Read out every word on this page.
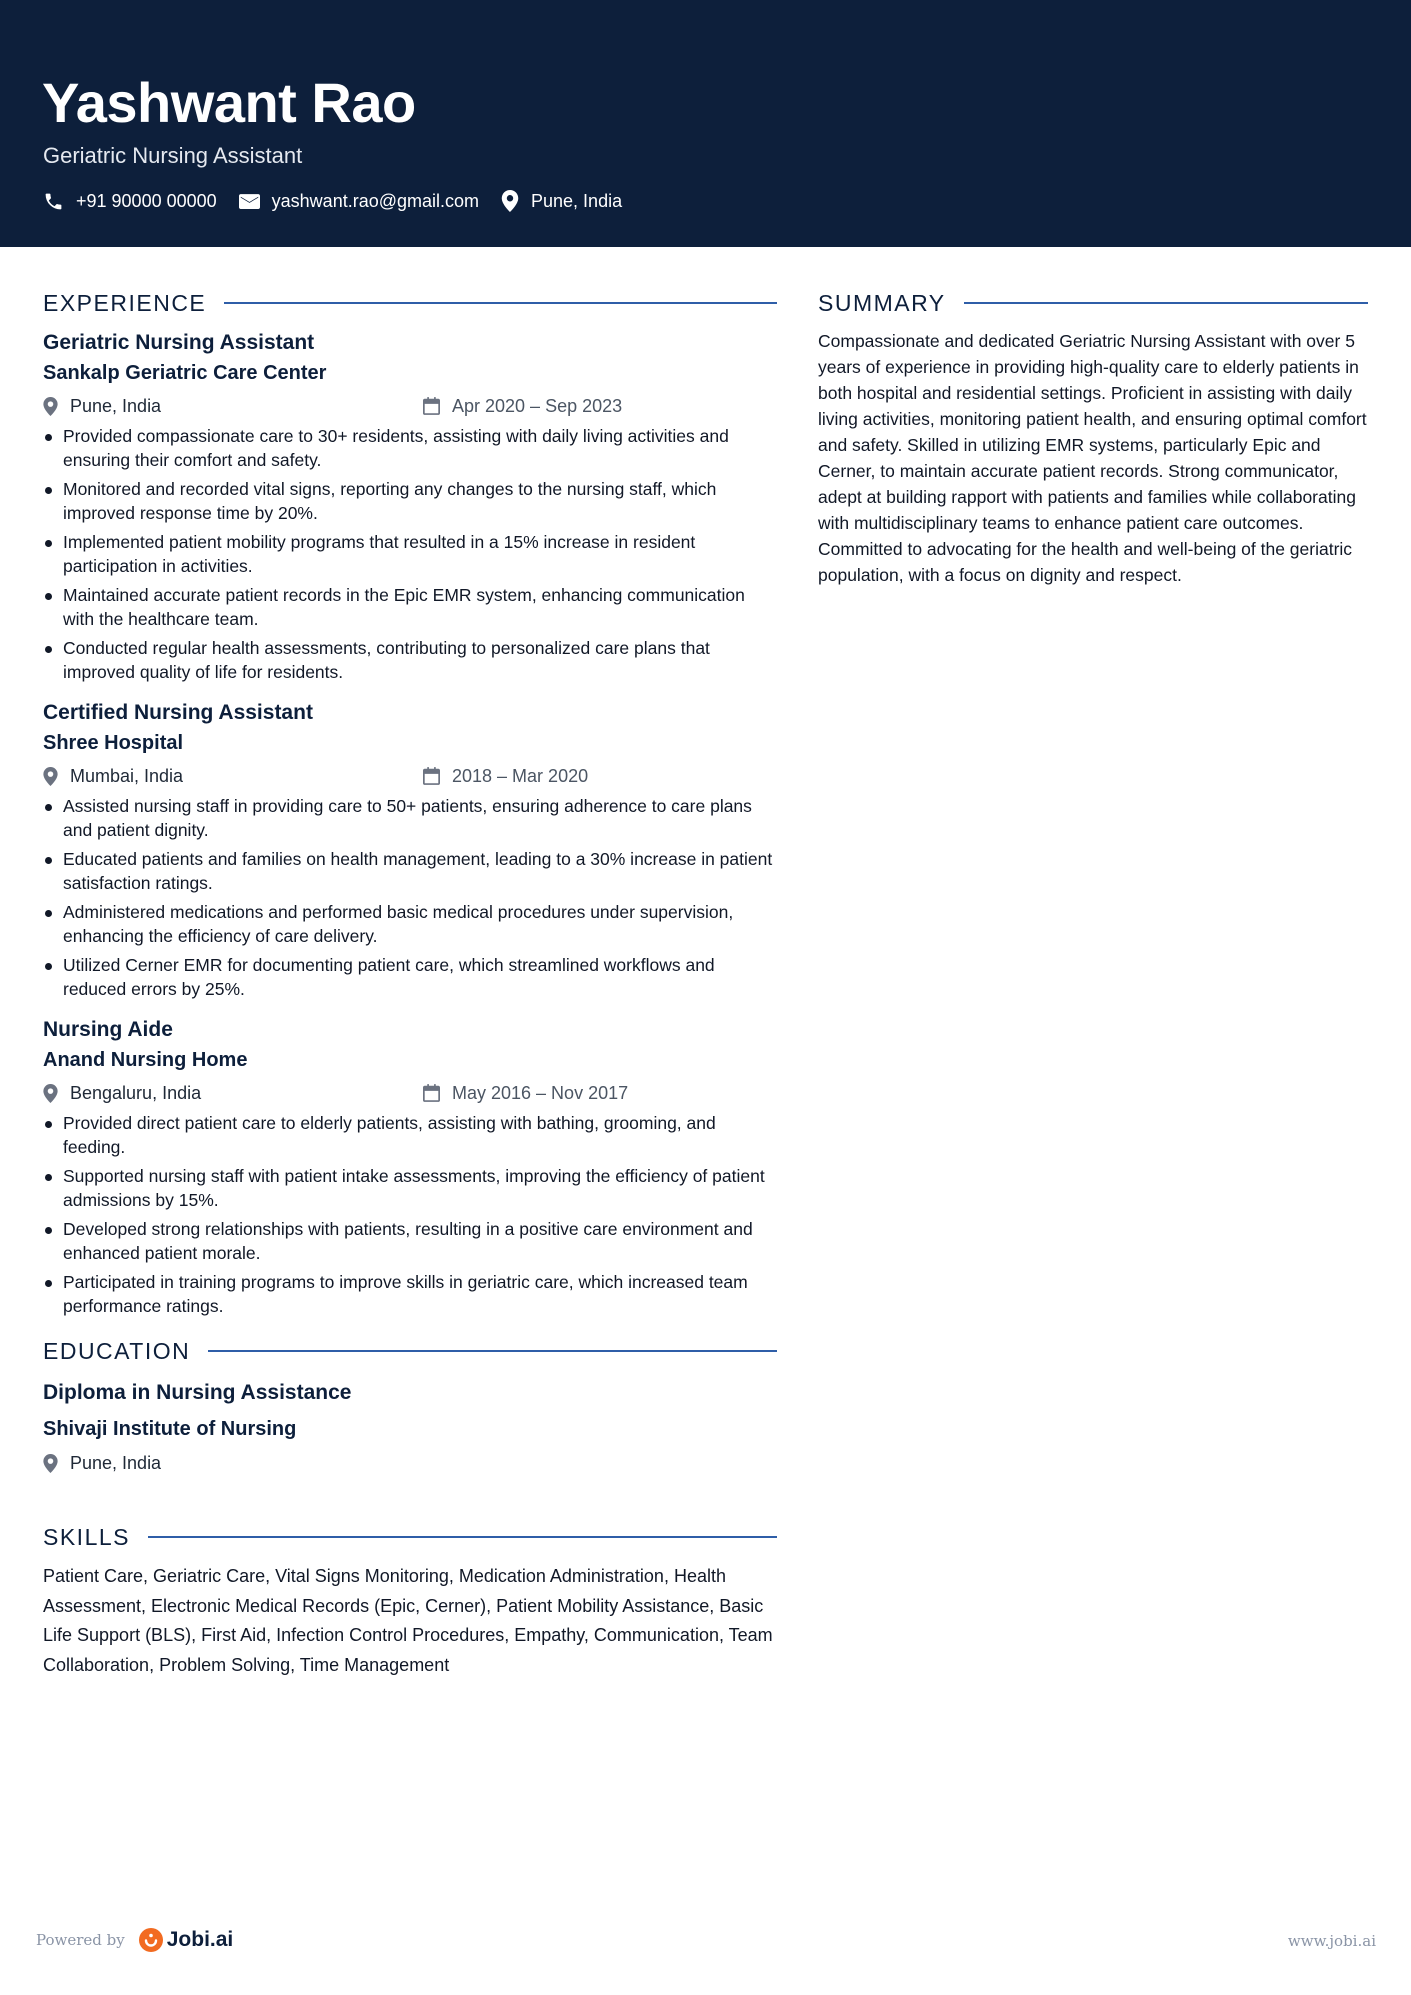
Yashwant Rao
Geriatric Nursing Assistant
+91 90000 00000	yashwant.rao@gmail.com	Pune, India
EXPERIENCE
Geriatric Nursing Assistant
Sankalp Geriatric Care Center
Pune, India	Apr 2020 – Sep 2023
Provided compassionate care to 30+ residents, assisting with daily living activities and ensuring their comfort and safety.
Monitored and recorded vital signs, reporting any changes to the nursing staff, which improved response time by 20%.
Implemented patient mobility programs that resulted in a 15% increase in resident participation in activities.
Maintained accurate patient records in the Epic EMR system, enhancing communication with the healthcare team.
Conducted regular health assessments, contributing to personalized care plans that improved quality of life for residents.
Certified Nursing Assistant
Shree Hospital
Mumbai, India	2018 – Mar 2020
Assisted nursing staff in providing care to 50+ patients, ensuring adherence to care plans and patient dignity.
Educated patients and families on health management, leading to a 30% increase in patient satisfaction ratings.
Administered medications and performed basic medical procedures under supervision, enhancing the efficiency of care delivery.
Utilized Cerner EMR for documenting patient care, which streamlined workflows and reduced errors by 25%.
Nursing Aide
Anand Nursing Home
Bengaluru, India	May 2016 – Nov 2017
Provided direct patient care to elderly patients, assisting with bathing, grooming, and feeding.
Supported nursing staff with patient intake assessments, improving the efficiency of patient admissions by 15%.
Developed strong relationships with patients, resulting in a positive care environment and enhanced patient morale.
Participated in training programs to improve skills in geriatric care, which increased team performance ratings.
EDUCATION
Diploma in Nursing Assistance
Shivaji Institute of Nursing
Pune, India
SKILLS
Patient Care, Geriatric Care, Vital Signs Monitoring, Medication Administration, Health Assessment, Electronic Medical Records (Epic, Cerner), Patient Mobility Assistance, Basic Life Support (BLS), First Aid, Infection Control Procedures, Empathy, Communication, Team Collaboration, Problem Solving, Time Management
SUMMARY
Compassionate and dedicated Geriatric Nursing Assistant with over 5 years of experience in providing high-quality care to elderly patients in both hospital and residential settings. Proficient in assisting with daily living activities, monitoring patient health, and ensuring optimal comfort and safety. Skilled in utilizing EMR systems, particularly Epic and Cerner, to maintain accurate patient records. Strong communicator, adept at building rapport with patients and families while collaborating with multidisciplinary teams to enhance patient care outcomes. Committed to advocating for the health and well-being of the geriatric population, with a focus on dignity and respect.
Powered by Jobi.ai	www.jobi.ai
